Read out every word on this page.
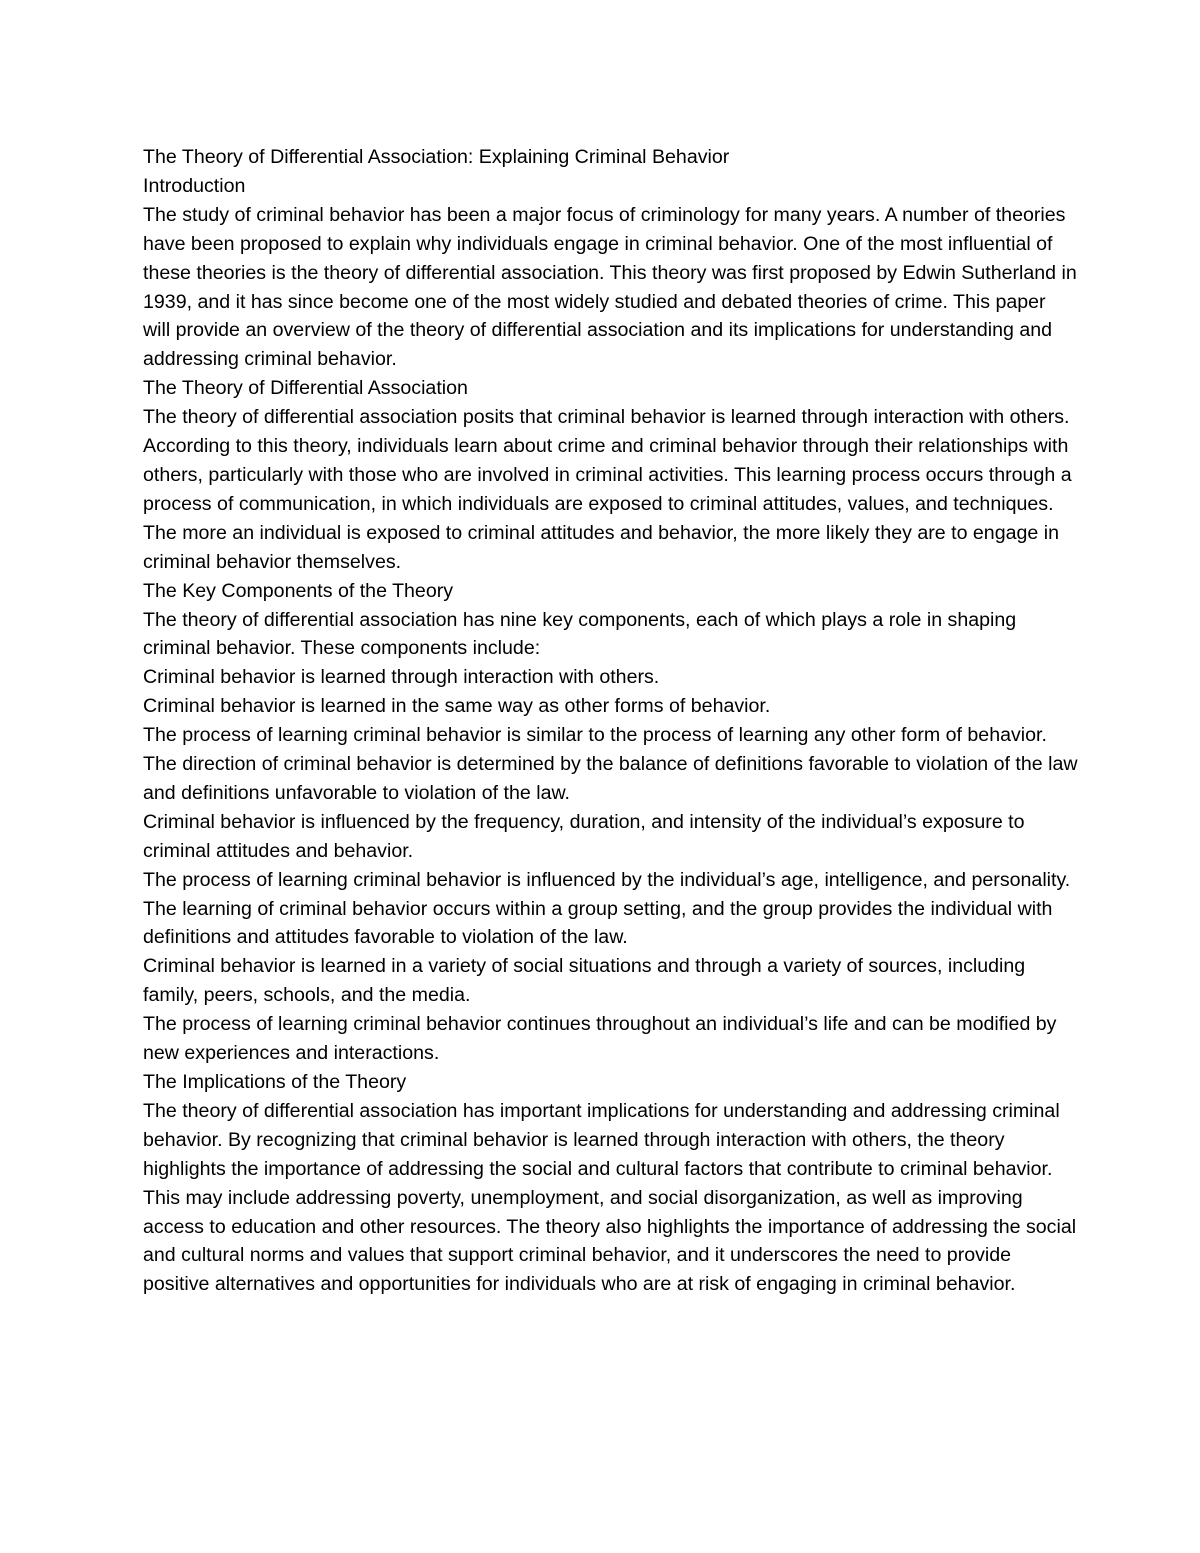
The Theory of Differential Association: Explaining Criminal Behavior

Introduction

The study of criminal behavior has been a major focus of criminology for many years. A number of theories have been proposed to explain why individuals engage in criminal behavior. One of the most influential of these theories is the theory of differential association. This theory was first proposed by Edwin Sutherland in 1939, and it has since become one of the most widely studied and debated theories of crime. This paper will provide an overview of the theory of differential association and its implications for understanding and addressing criminal behavior.

The Theory of Differential Association

The theory of differential association posits that criminal behavior is learned through interaction with others. According to this theory, individuals learn about crime and criminal behavior through their relationships with others, particularly with those who are involved in criminal activities. This learning process occurs through a process of communication, in which individuals are exposed to criminal attitudes, values, and techniques. The more an individual is exposed to criminal attitudes and behavior, the more likely they are to engage in criminal behavior themselves.

The Key Components of the Theory

The theory of differential association has nine key components, each of which plays a role in shaping criminal behavior. These components include:

Criminal behavior is learned through interaction with others.

Criminal behavior is learned in the same way as other forms of behavior.

The process of learning criminal behavior is similar to the process of learning any other form of behavior.

The direction of criminal behavior is determined by the balance of definitions favorable to violation of the law and definitions unfavorable to violation of the law.

Criminal behavior is influenced by the frequency, duration, and intensity of the individual’s exposure to criminal attitudes and behavior.

The process of learning criminal behavior is influenced by the individual’s age, intelligence, and personality.

The learning of criminal behavior occurs within a group setting, and the group provides the individual with definitions and attitudes favorable to violation of the law.

Criminal behavior is learned in a variety of social situations and through a variety of sources, including family, peers, schools, and the media.

The process of learning criminal behavior continues throughout an individual’s life and can be modified by new experiences and interactions.

The Implications of the Theory

The theory of differential association has important implications for understanding and addressing criminal behavior. By recognizing that criminal behavior is learned through interaction with others, the theory highlights the importance of addressing the social and cultural factors that contribute to criminal behavior. This may include addressing poverty, unemployment, and social disorganization, as well as improving access to education and other resources. The theory also highlights the importance of addressing the social and cultural norms and values that support criminal behavior, and it underscores the need to provide positive alternatives and opportunities for individuals who are at risk of engaging in criminal behavior.
